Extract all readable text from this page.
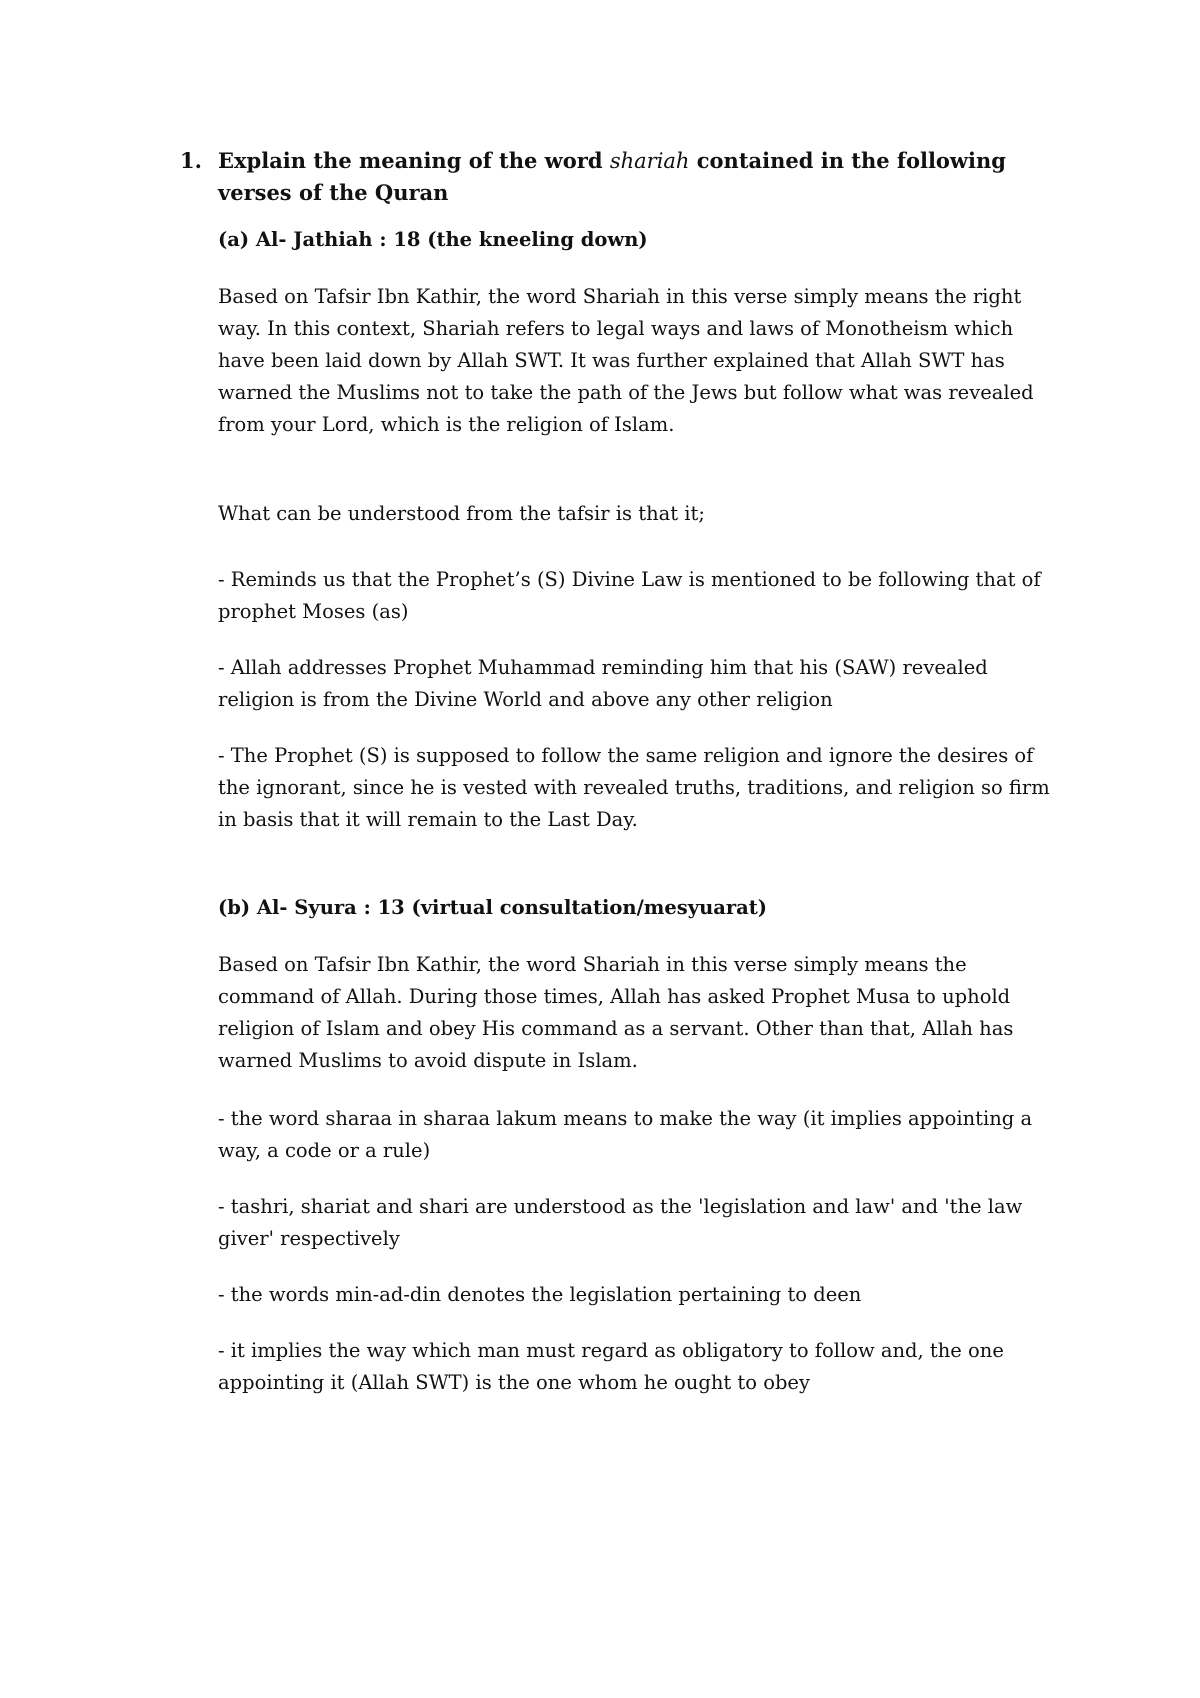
1. Explain the meaning of the word shariah contained in the following verses of the Quran
(a) Al- Jathiah : 18 (the kneeling down)

Based on Tafsir Ibn Kathir, the word Shariah in this verse simply means the right way. In this context, Shariah refers to legal ways and laws of Monotheism which have been laid down by Allah SWT. It was further explained that Allah SWT has warned the Muslims not to take the path of the Jews but follow what was revealed from your Lord, which is the religion of Islam.

What can be understood from the tafsir is that it;
- Reminds us that the Prophet’s (S) Divine Law is mentioned to be following that of prophet Moses (as)
- Allah addresses Prophet Muhammad reminding him that his (SAW) revealed religion is from the Divine World and above any other religion
- The Prophet (S) is supposed to follow the same religion and ignore the desires of the ignorant, since he is vested with revealed truths, traditions, and religion so firm in basis that it will remain to the Last Day.
(b) Al- Syura : 13 (virtual consultation/mesyuarat)

Based on Tafsir Ibn Kathir, the word Shariah in this verse simply means the command of Allah. During those times, Allah has asked Prophet Musa to uphold religion of Islam and obey His command as a servant. Other than that, Allah has warned Muslims to avoid dispute in Islam.

- the word sharaa in sharaa lakum means to make the way (it implies appointing a way, a code or a rule)
- tashri, shariat and shari are understood as the 'legislation and law' and 'the law giver' respectively
- the words min-ad-din denotes the legislation pertaining to deen
- it implies the way which man must regard as obligatory to follow and, the one appointing it (Allah SWT) is the one whom he ought to obey
